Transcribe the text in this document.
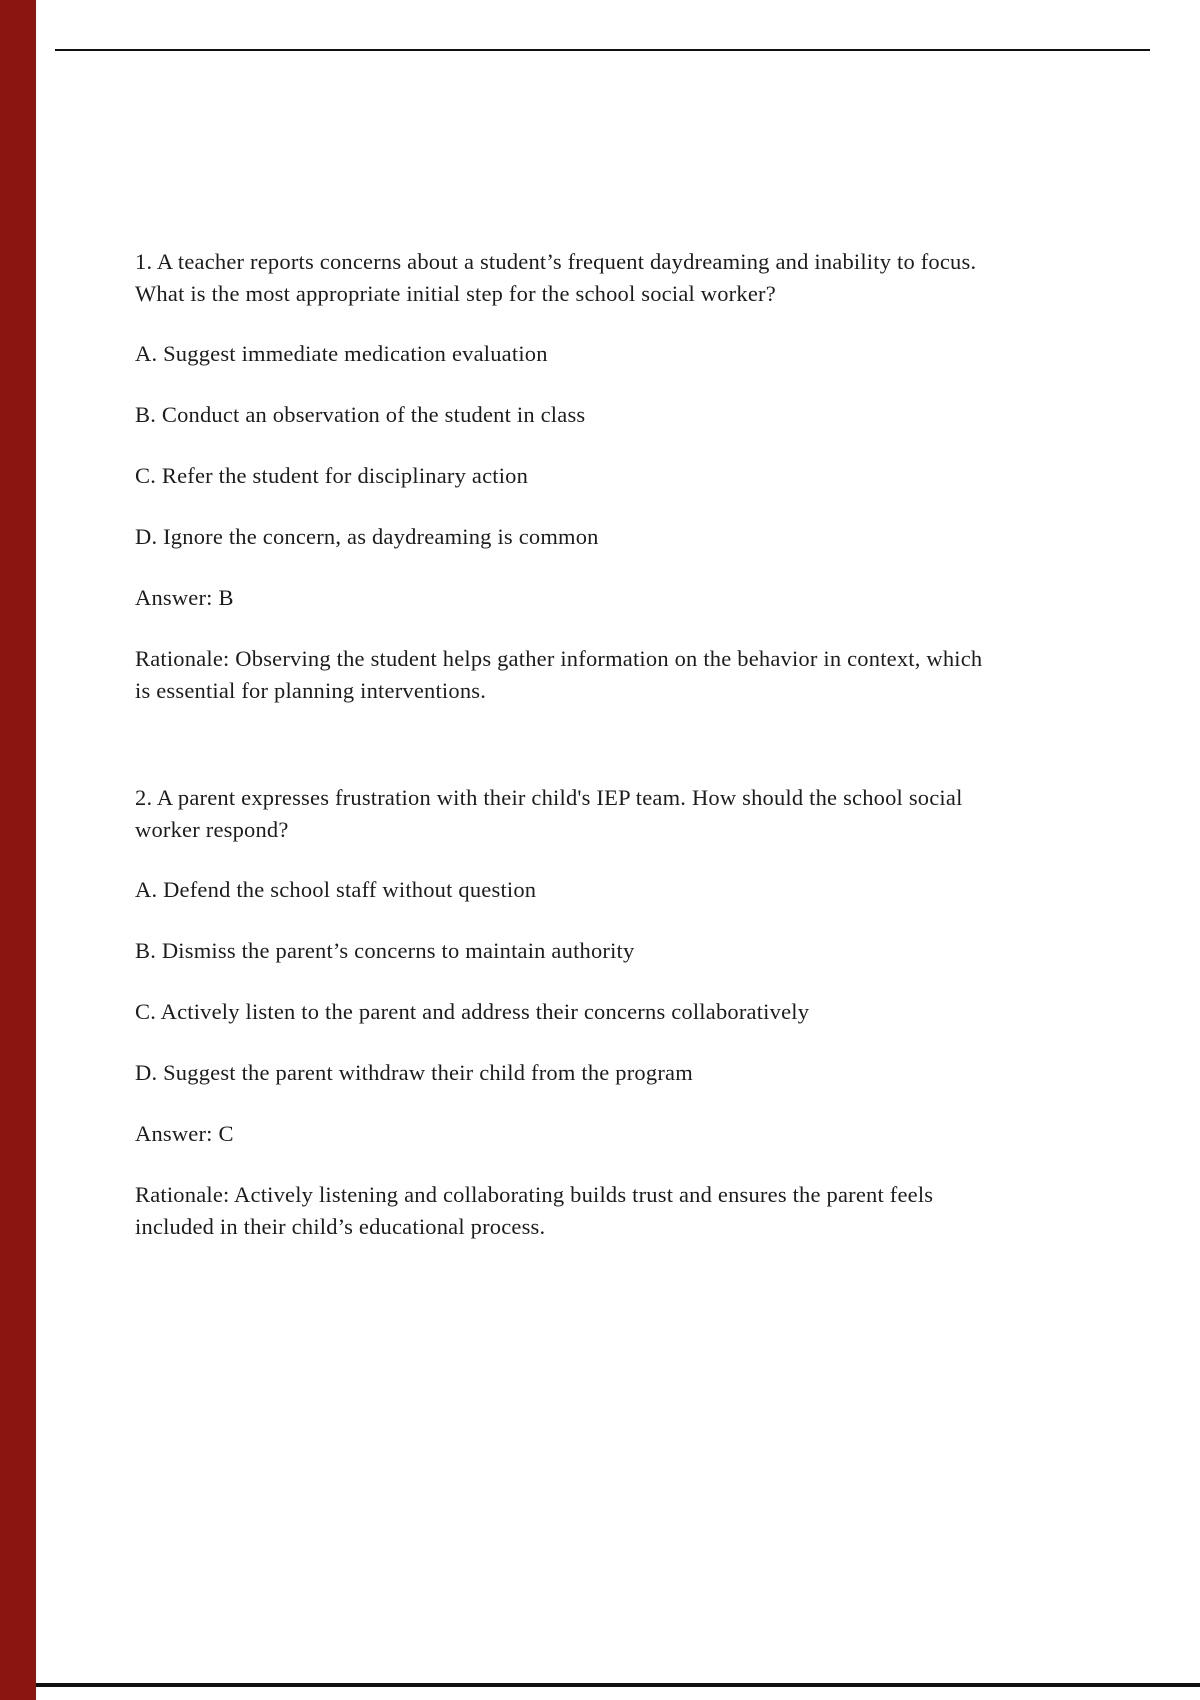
1. A teacher reports concerns about a student’s frequent daydreaming and inability to focus. What is the most appropriate initial step for the school social worker?

A. Suggest immediate medication evaluation

B. Conduct an observation of the student in class

C. Refer the student for disciplinary action

D. Ignore the concern, as daydreaming is common

Answer: B

Rationale: Observing the student helps gather information on the behavior in context, which is essential for planning interventions.

2. A parent expresses frustration with their child's IEP team. How should the school social worker respond?

A. Defend the school staff without question

B. Dismiss the parent’s concerns to maintain authority

C. Actively listen to the parent and address their concerns collaboratively

D. Suggest the parent withdraw their child from the program

Answer: C

Rationale: Actively listening and collaborating builds trust and ensures the parent feels included in their child’s educational process.
